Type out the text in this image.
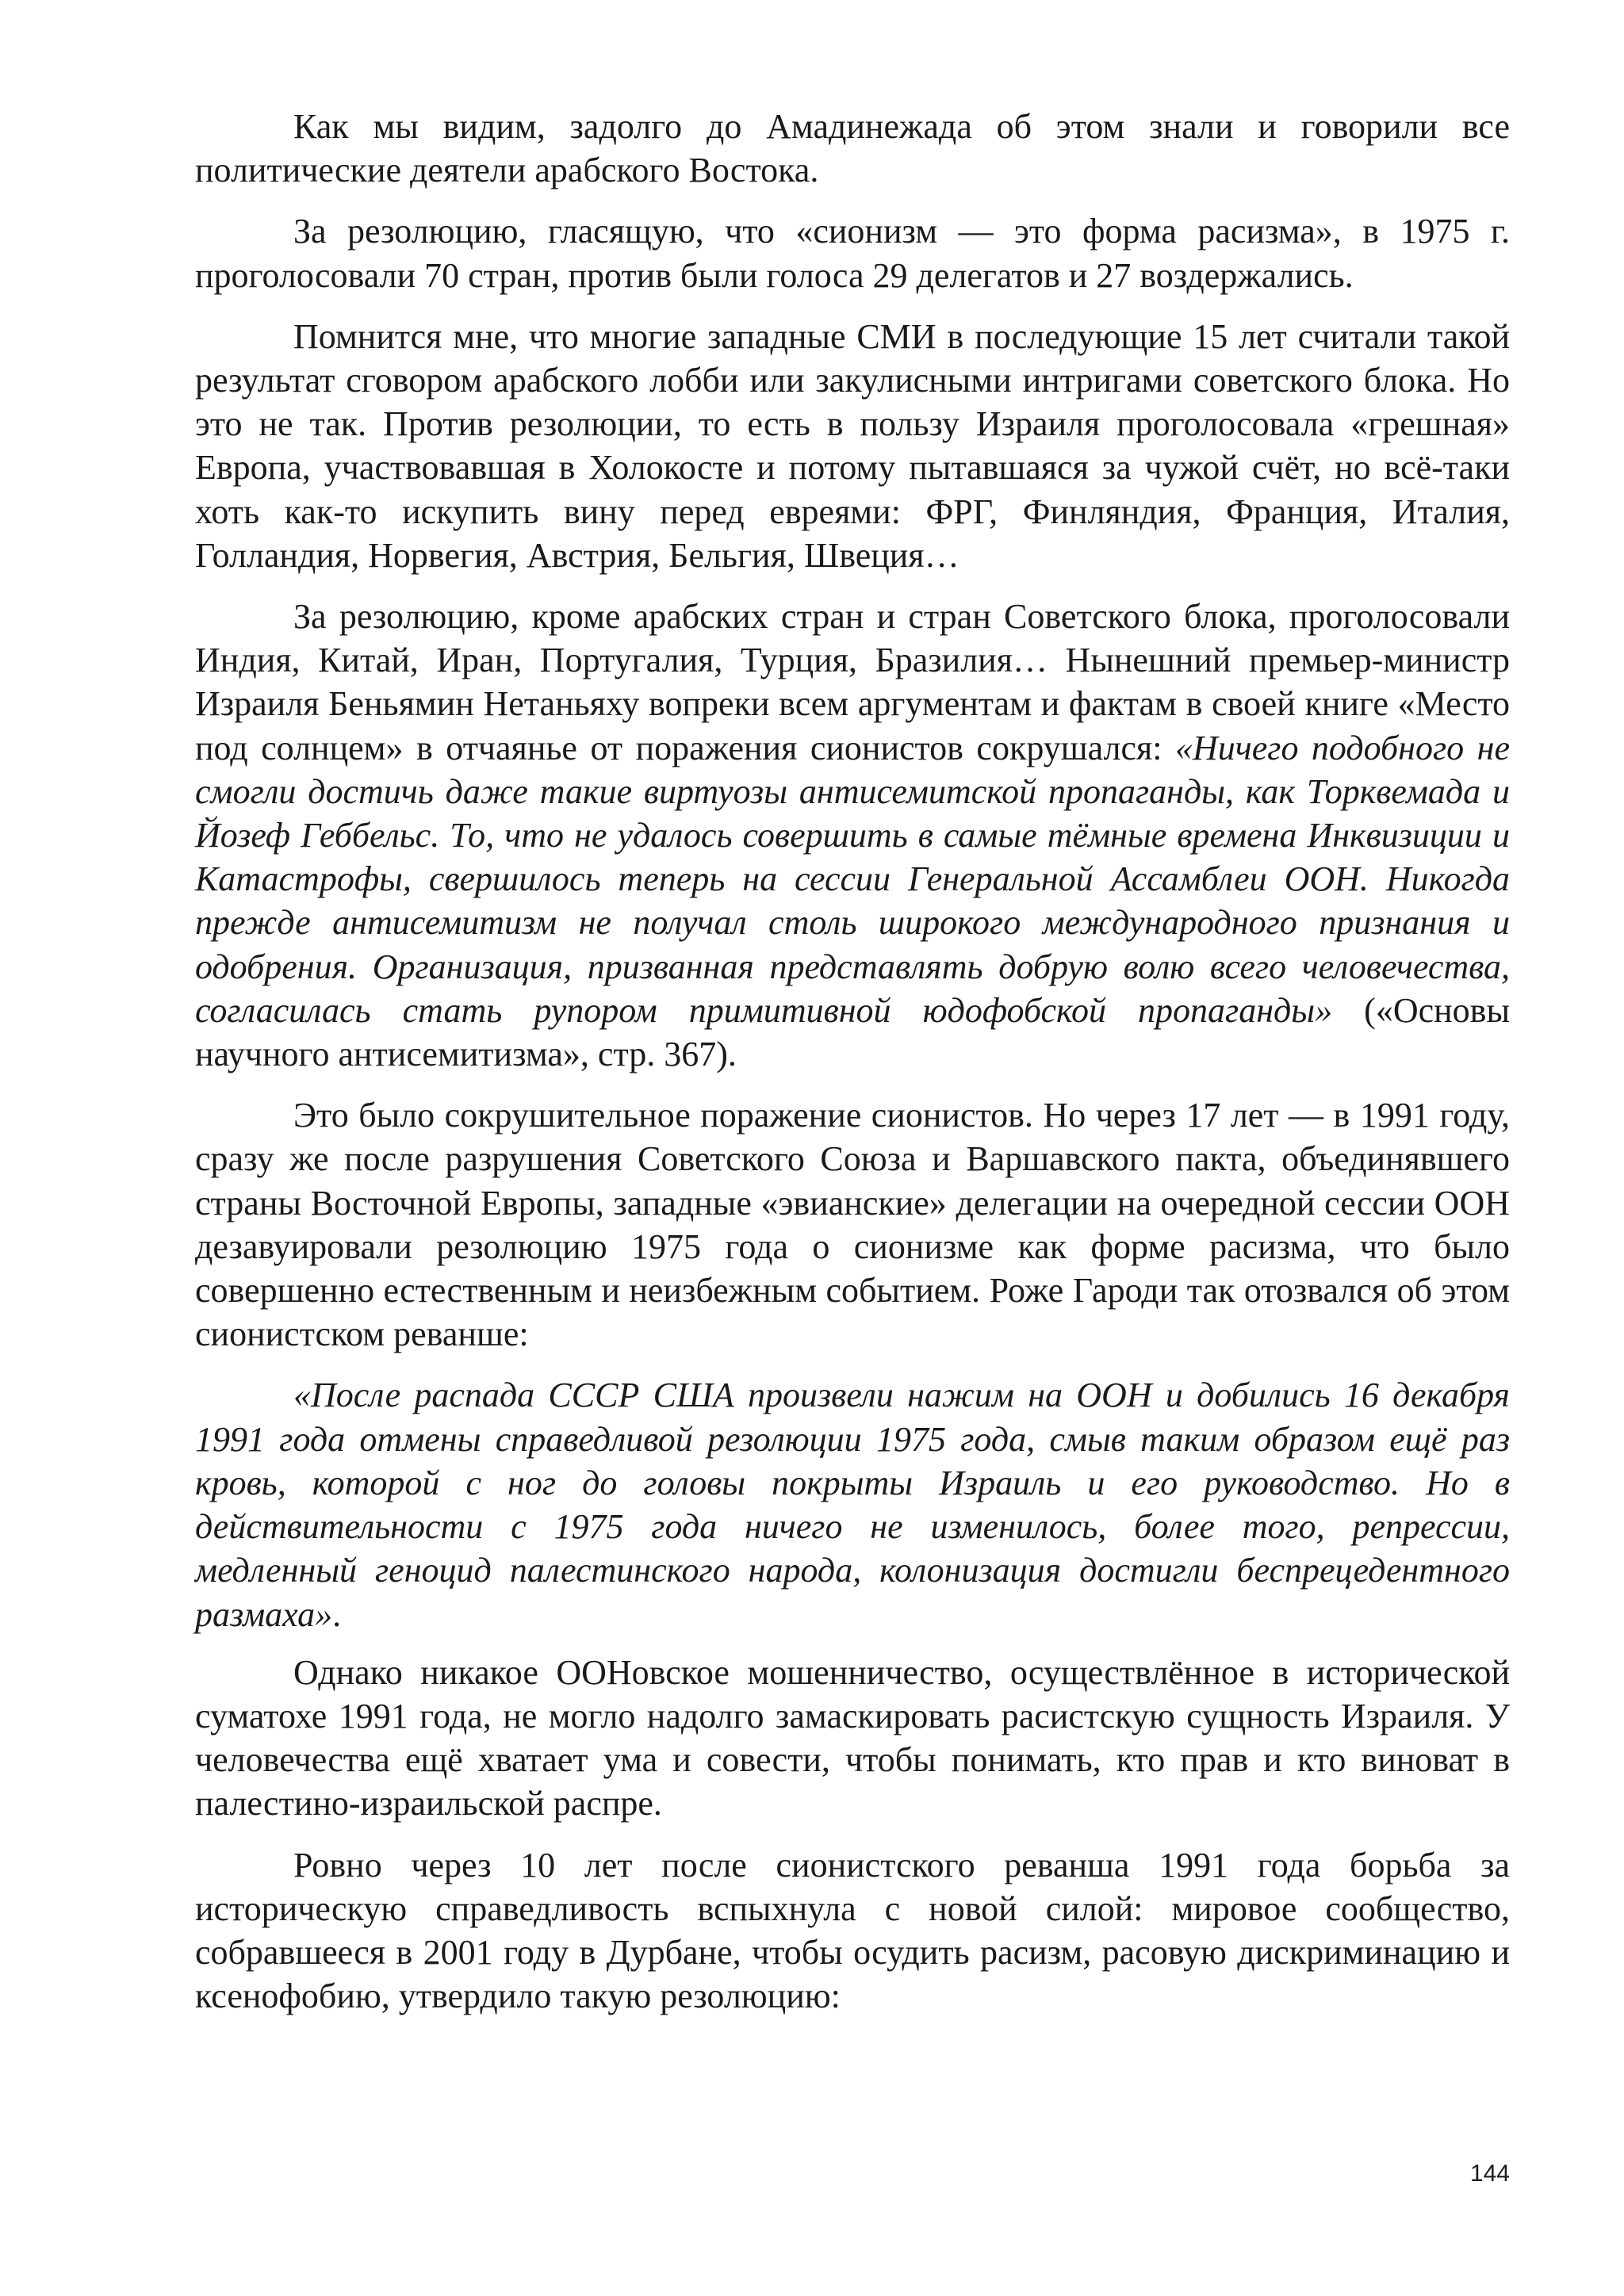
Как мы видим, задолго до Амадинежада об этом знали и говорили все политические деятели арабского Востока.

За резолюцию, гласящую, что «сионизм — это форма расизма», в 1975 г. проголосовали 70 стран, против были голоса 29 делегатов и 27 воздержались.

Помнится мне, что многие западные СМИ в последующие 15 лет считали такой результат сговором арабского лобби или закулисными интригами советского блока. Но это не так. Против резолюции, то есть в пользу Израиля проголосовала «грешная» Европа, участвовавшая в Холокосте и потому пытавшаяся за чужой счёт, но всё-таки хоть как-то искупить вину перед евреями: ФРГ, Финляндия, Франция, Италия, Голландия, Норвегия, Австрия, Бельгия, Швеция…

За резолюцию, кроме арабских стран и стран Советского блока, проголосовали Индия, Китай, Иран, Португалия, Турция, Бразилия… Нынешний премьер-министр Израиля Беньямин Нетаньяху вопреки всем аргументам и фактам в своей книге «Место под солнцем» в отчаянье от поражения сионистов сокрушался: «Ничего подобного не смогли достичь даже такие виртуозы антисемитской пропаганды, как Торквемада и Йозеф Геббельс. То, что не удалось совершить в самые тёмные времена Инквизиции и Катастрофы, свершилось теперь на сессии Генеральной Ассамблеи ООН. Никогда прежде антисемитизм не получал столь широкого международного признания и одобрения. Организация, призванная представлять добрую волю всего человечества, согласилась стать рупором примитивной юдофобской пропаганды» («Основы научного антисемитизма», стр. 367).

Это было сокрушительное поражение сионистов. Но через 17 лет — в 1991 году, сразу же после разрушения Советского Союза и Варшавского пакта, объединявшего страны Восточной Европы, западные «эвианские» делегации на очередной сессии ООН дезавуировали резолюцию 1975 года о сионизме как форме расизма, что было совершенно естественным и неизбежным событием. Роже Гароди так отозвался об этом сионистском реванше:

«После распада СССР США произвели нажим на ООН и добились 16 декабря 1991 года отмены справедливой резолюции 1975 года, смыв таким образом ещё раз кровь, которой с ног до головы покрыты Израиль и его руководство. Но в действительности с 1975 года ничего не изменилось, более того, репрессии, медленный геноцид палестинского народа, колонизация достигли беспрецедентного размаха».

Однако никакое ООНовское мошенничество, осуществлённое в исторической суматохе 1991 года, не могло надолго замаскировать расистскую сущность Израиля. У человечества ещё хватает ума и совести, чтобы понимать, кто прав и кто виноват в палестино-израильской распре.

Ровно через 10 лет после сионистского реванша 1991 года борьба за историческую справедливость вспыхнула с новой силой: мировое сообщество, собравшееся в 2001 году в Дурбане, чтобы осудить расизм, расовую дискриминацию и ксенофобию, утвердило такую резолюцию:

144
